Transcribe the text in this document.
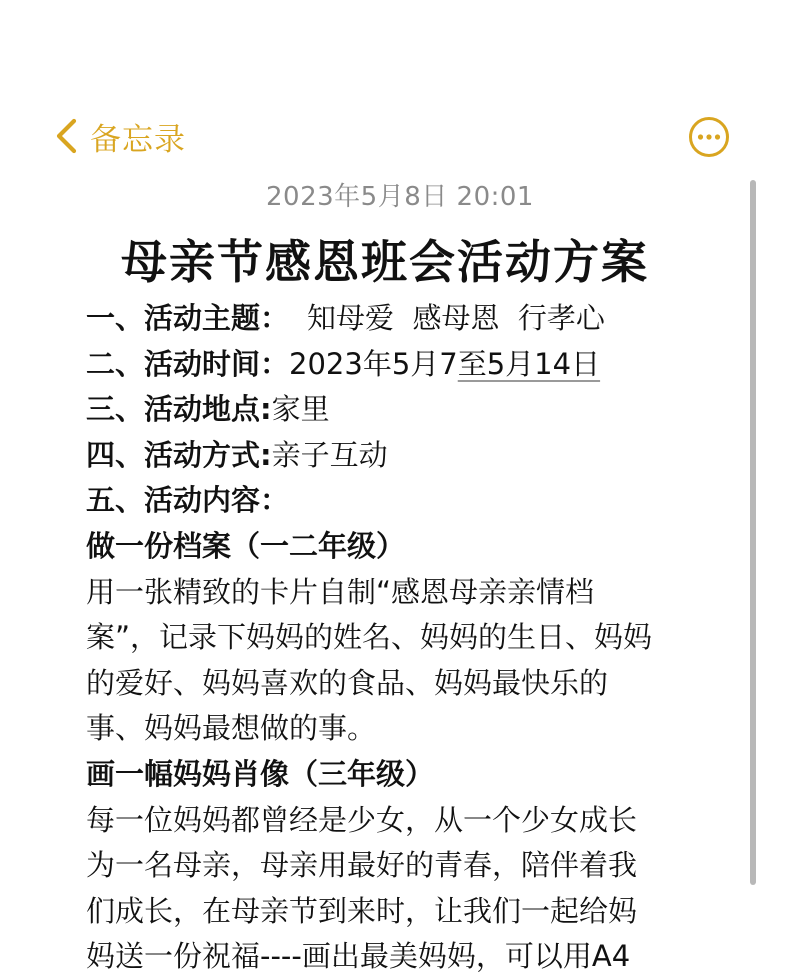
备忘录
2023年5月8日 20:01
母亲节感恩班会活动方案
一、活动主题： 知母爱  感母恩  行孝心
二、活动时间：2023年5月7至5月14日
三、活动地点:家里
四、活动方式:亲子互动
五、活动内容：
做一份档案（一二年级）
用一张精致的卡片自制“感恩母亲亲情档
案”，记录下妈妈的姓名、妈妈的生日、妈妈
的爱好、妈妈喜欢的食品、妈妈最快乐的
事、妈妈最想做的事。
画一幅妈妈肖像（三年级）
每一位妈妈都曾经是少女，从一个少女成长
为一名母亲，母亲用最好的青春，陪伴着我
们成长，在母亲节到来时，让我们一起给妈
妈送一份祝福----画出最美妈妈，可以用A4
